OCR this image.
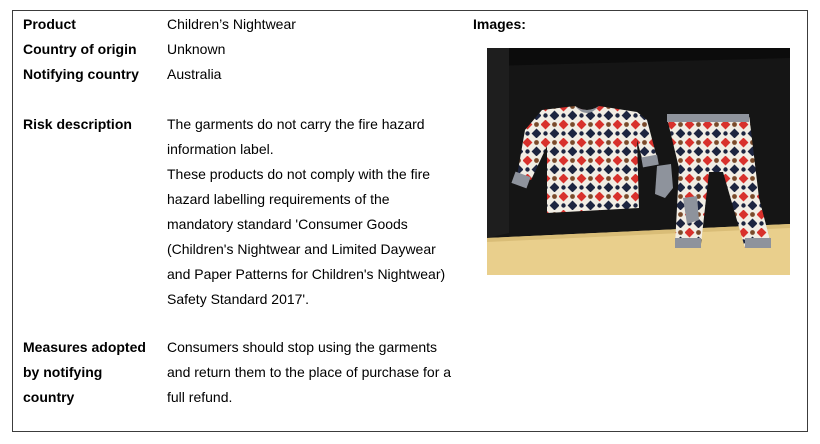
Product	Children’s Nightwear
Country of origin Unknown
Notifying country Australia
Risk description	The garments do not carry the fire hazard
information label.
These products do not comply with the fire
hazard labelling requirements of the
mandatory standard 'Consumer Goods
(Children's Nightwear and Limited Daywear
and Paper Patterns for Children's Nightwear)
Safety Standard 2017'.
Measures adopted
by notifying
country
Consumers should stop using the garments
and return them to the place of purchase for a
full refund.
Images:
